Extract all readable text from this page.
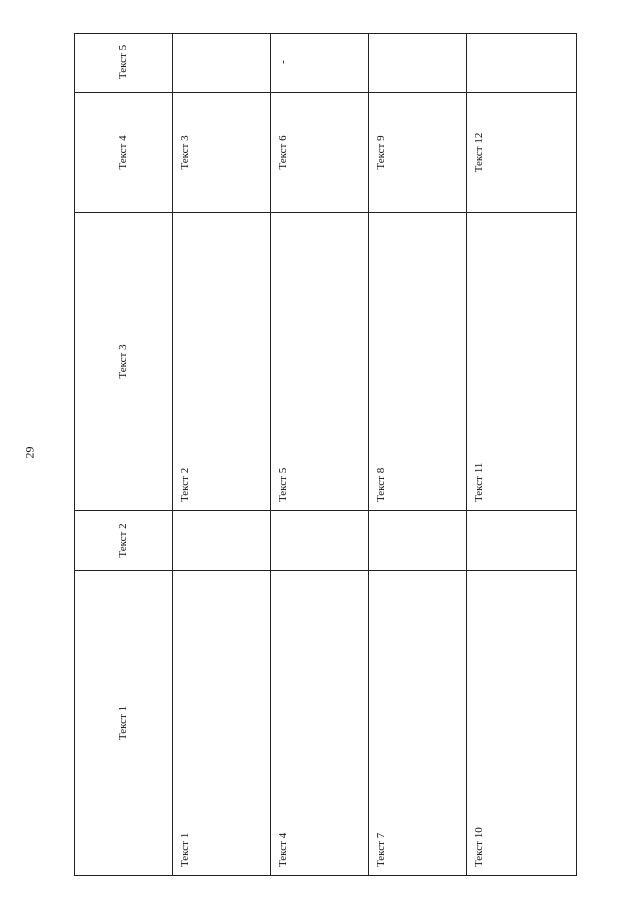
29
Текст 1
Текст 2
Текст 3
Текст 4
Текст 5
Текст 1
Текст 2
Текст 3
Текст 4
Текст 5
Текст 6
-
Текст 7
Текст 8
Текст 9
Текст 10
Текст 11
Текст 12
